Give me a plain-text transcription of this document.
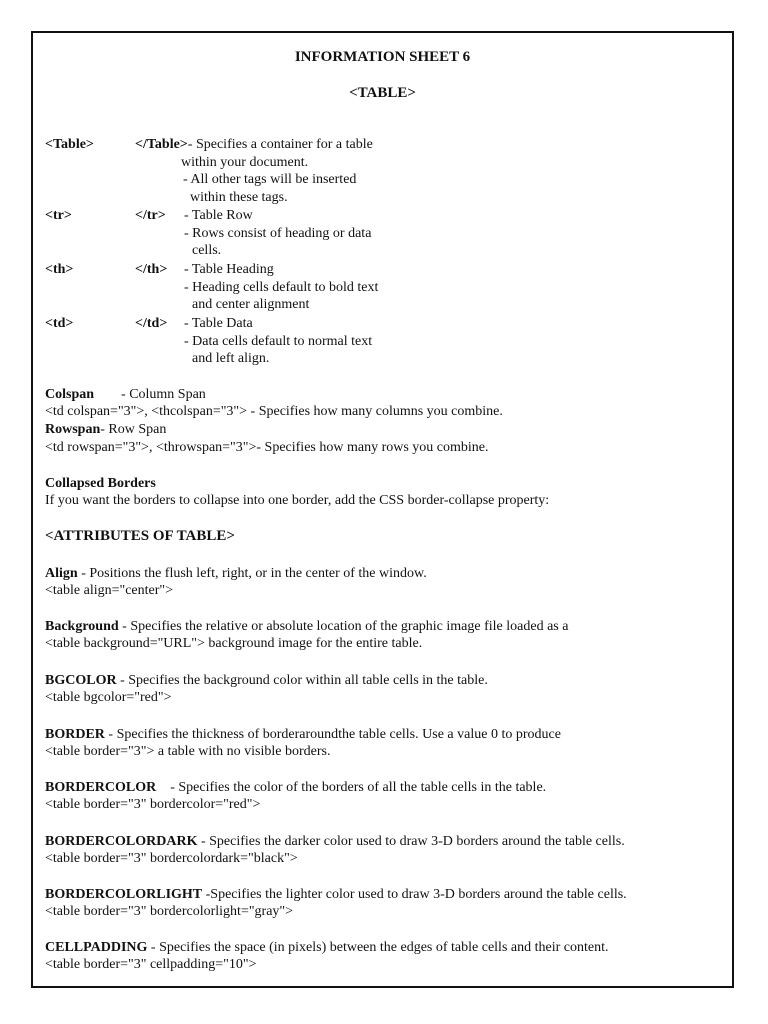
INFORMATION SHEET 6
<TABLE>
<Table>	</Table>- Specifies a container for a table
within your document.
- All other tags will be inserted
within these tags.
<tr>	</tr> - Table Row
- Rows consist of heading or data
cells.
<th>	</th> - Table Heading
- Heading cells default to bold text
and center alignment
<td>	</td> - Table Data
- Data cells default to normal text
and left align.
Colspan - Column Span
<td colspan="3">, <thcolspan="3"> - Specifies how many columns you combine.
Rowspan- Row Span
<td rowspan="3">, <throwspan="3">- Specifies how many rows you combine.
Collapsed Borders
If you want the borders to collapse into one border, add the CSS border-collapse property:
<ATTRIBUTES OF TABLE>
Align - Positions the flush left, right, or in the center of the window.
<table align="center">
Background - Specifies the relative or absolute location of the graphic image file loaded as a
<table background="URL"> background image for the entire table.
BGCOLOR - Specifies the background color within all table cells in the table.
<table bgcolor="red">
BORDER - Specifies the thickness of borderaroundthe table cells. Use a value 0 to produce
<table border="3"> a table with no visible borders.
BORDERCOLOR    - Specifies the color of the borders of all the table cells in the table.
<table border="3" bordercolor="red">
BORDERCOLORDARK - Specifies the darker color used to draw 3-D borders around the table cells.
<table border="3" bordercolordark="black">
BORDERCOLORLIGHT -Specifies the lighter color used to draw 3-D borders around the table cells.
<table border="3" bordercolorlight="gray">
CELLPADDING - Specifies the space (in pixels) between the edges of table cells and their content.
<table border="3" cellpadding="10">
